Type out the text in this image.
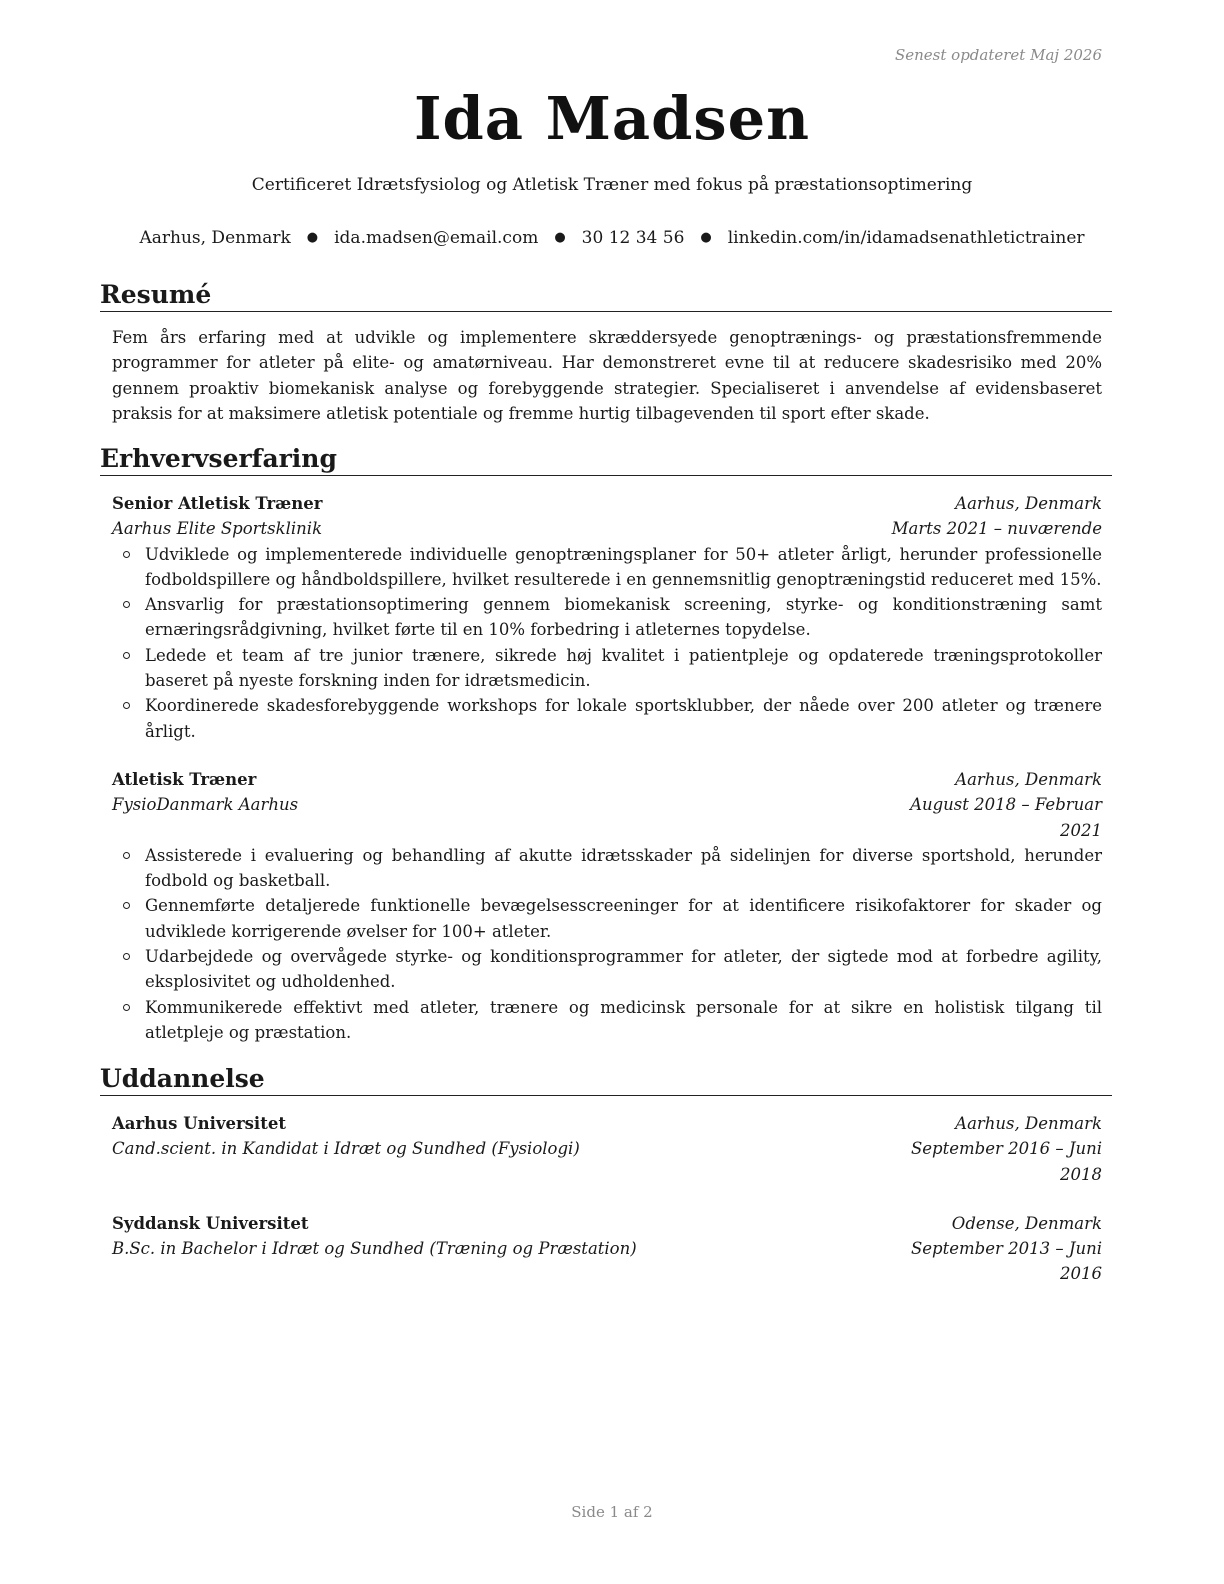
Senest opdateret Maj 2026
Ida Madsen
Certificeret Idrætsfysiolog og Atletisk Træner med fokus på præstationsoptimering
Aarhus, Denmark ● ida.madsen@email.com ● 30 12 34 56 ● linkedin.com/in/idamadsenathletictrainer
Resumé

Fem års erfaring med at udvikle og implementere skræddersyede genoptrænings- og præstationsfremmende programmer for atleter på elite- og amatørniveau. Har demonstreret evne til at reducere skadesrisiko med 20% gennem proaktiv biomekanisk analyse og forebyggende strategier. Specialiseret i anvendelse af evidensbaseret praksis for at maksimere atletisk potentiale og fremme hurtig tilbagevenden til sport efter skade.

Erhvervserfaring
Senior Atletisk Træner	Aarhus, Denmark
Aarhus Elite Sportsklinik	Marts 2021 – nuværende
Udviklede og implementerede individuelle genoptræningsplaner for 50+ atleter årligt, herunder professionelle fodboldspillere og håndboldspillere, hvilket resulterede i en gennemsnitlig genoptræningstid reduceret med 15%.
Ansvarlig for præstationsoptimering gennem biomekanisk screening, styrke- og konditionstræning samt ernæringsrådgivning, hvilket førte til en 10% forbedring i atleternes topydelse.
Ledede et team af tre junior trænere, sikrede høj kvalitet i patientpleje og opdaterede træningsprotokoller baseret på nyeste forskning inden for idrætsmedicin.
Koordinerede skadesforebyggende workshops for lokale sportsklubber, der nåede over 200 atleter og trænere årligt.
Atletisk Træner	Aarhus, Denmark
FysioDanmark Aarhus	August 2018 – Februar
2021
Assisterede i evaluering og behandling af akutte idrætsskader på sidelinjen for diverse sportshold, herunder fodbold og basketball.
Gennemførte detaljerede funktionelle bevægelsesscreeninger for at identificere risikofaktorer for skader og udviklede korrigerende øvelser for 100+ atleter.
Udarbejdede og overvågede styrke- og konditionsprogrammer for atleter, der sigtede mod at forbedre agility, eksplosivitet og udholdenhed.
Kommunikerede effektivt med atleter, trænere og medicinsk personale for at sikre en holistisk tilgang til atletpleje og præstation.
Uddannelse
Aarhus Universitet	Aarhus, Denmark
Cand.scient. in Kandidat i Idræt og Sundhed (Fysiologi)	September 2016 – Juni
2018
Syddansk Universitet	Odense, Denmark
B.Sc. in Bachelor i Idræt og Sundhed (Træning og Præstation)	September 2013 – Juni
2016
Side 1 af 2
